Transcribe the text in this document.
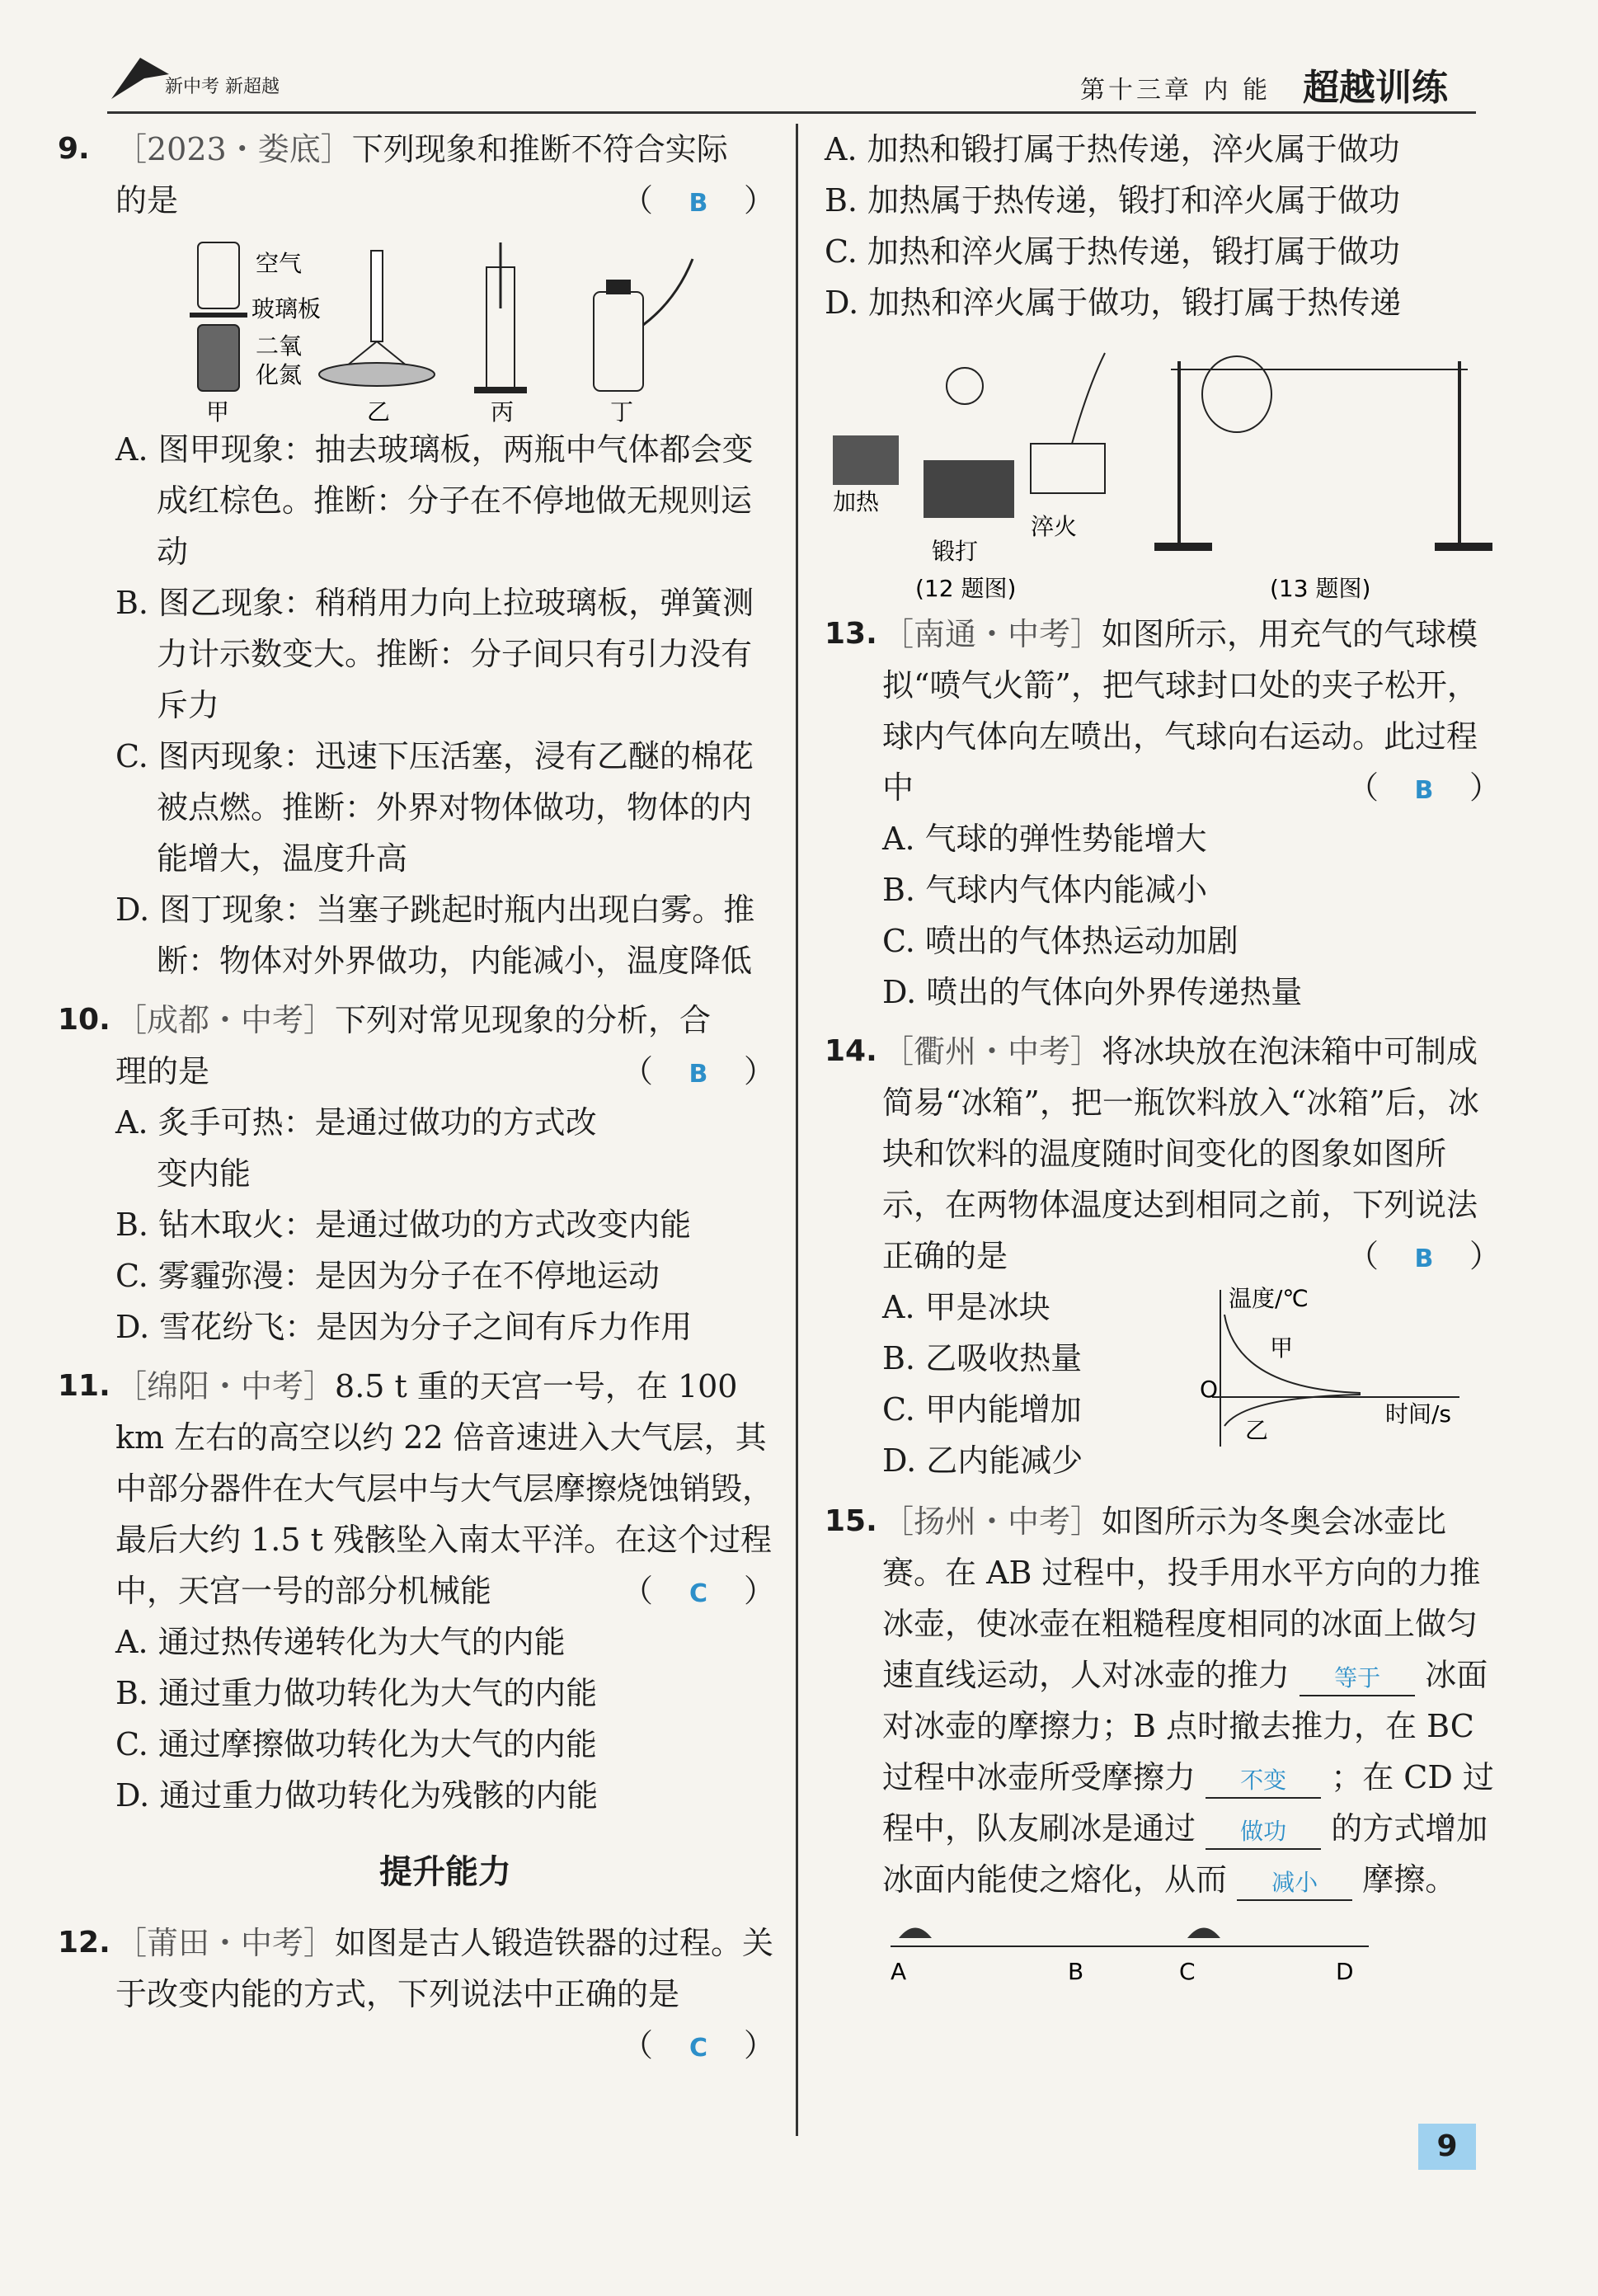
新中考 新超越	第十三章 内 能 超越训练
9. ［2023・娄底］下列现象和推断不符合实际
的是	（ B ）
空气
玻璃板
二氧
化氮
甲	乙	丙	丁
A. 图甲现象：抽去玻璃板，两瓶中气体都会变成红棕色。推断：分子在不停地做无规则运动
B. 图乙现象：稍稍用力向上拉玻璃板，弹簧测力计示数变大。推断：分子间只有引力没有斥力
C. 图丙现象：迅速下压活塞，浸有乙醚的棉花被点燃。推断：外界对物体做功，物体的内能增大，温度升高
D. 图丁现象：当塞子跳起时瓶内出现白雾。推断：物体对外界做功，内能减小，温度降低
10. ［成都・中考］下列对常见现象的分析，合
理的是	（ B ）
A. 炙手可热：是通过做功的方式改变内能
B. 钻木取火：是通过做功的方式改变内能
C. 雾霾弥漫：是因为分子在不停地运动
D. 雪花纷飞：是因为分子之间有斥力作用
11. ［绵阳・中考］8.5 t 重的天宫一号，在 100 km 左右的高空以约 22 倍音速进入大气层，其中部分器件在大气层中与大气层摩擦烧蚀销毁，最后大约 1.5 t 残骸坠入南太平洋。在这个过程中，天宫一号的部分机械能	（ C ）
A. 通过热传递转化为大气的内能
B. 通过重力做功转化为大气的内能
C. 通过摩擦做功转化为大气的内能
D. 通过重力做功转化为残骸的内能
提升能力
12. ［莆田・中考］如图是古人锻造铁器的过程。关于改变内能的方式，下列说法中正确的是
（ C ）
A. 加热和锻打属于热传递，淬火属于做功
B. 加热属于热传递，锻打和淬火属于做功
C. 加热和淬火属于热传递，锻打属于做功
D. 加热和淬火属于做功，锻打属于热传递
加热
锻打
淬火
(12 题图)	(13 题图)
13. ［南通・中考］如图所示，用充气的气球模拟“喷气火箭”，把气球封口处的夹子松开，球内气体向左喷出，气球向右运动。此过程中	（ B ）
A. 气球的弹性势能增大
B. 气球内气体内能减小
C. 喷出的气体热运动加剧
D. 喷出的气体向外界传递热量
14. ［衢州・中考］将冰块放在泡沫箱中可制成简易“冰箱”，把一瓶饮料放入“冰箱”后，冰块和饮料的温度随时间变化的图象如图所示，在两物体温度达到相同之前，下列说法正确的是	（ B ）
A. 甲是冰块
B. 乙吸收热量
C. 甲内能增加
D. 乙内能减少
温度/℃
时间/s
O
甲
乙
15. ［扬州・中考］如图所示为冬奥会冰壶比赛。在 AB 过程中，投手用水平方向的力推冰壶，使冰壶在粗糙程度相同的冰面上做匀速直线运动，人对冰壶的推力 等于 冰面对冰壶的摩擦力；B 点时撤去推力，在 BC 过程中冰壶所受摩擦力 不变 ；在 CD 过程中，队友刷冰是通过 做功 的方式增加冰面内能使之熔化，从而 减小 摩擦。
A	B	C	D
9
